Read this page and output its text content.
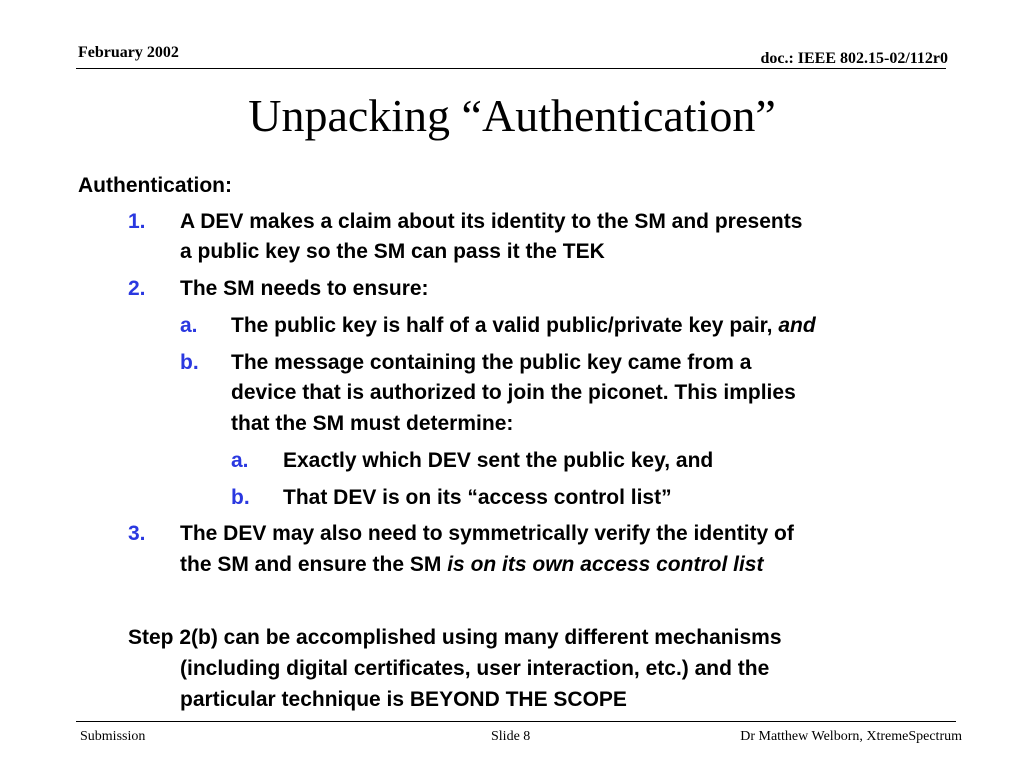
February 2002	doc.: IEEE 802.15-02/112r0
Unpacking “Authentication”
Authentication:
1. A DEV makes a claim about its identity to the SM and presents
a public key so the SM can pass it the TEK
2. The SM needs to ensure:
a. The public key is half of a valid public/private key pair, and
b. The message containing the public key came from a
device that is authorized to join the piconet. This implies
that the SM must determine:
a. Exactly which DEV sent the public key, and
b. That DEV is on its “access control list”
3. The DEV may also need to symmetrically verify the identity of
the SM and ensure the SM is on its own access control list
Step 2(b) can be accomplished using many different mechanisms
(including digital certificates, user interaction, etc.) and the
particular technique is BEYOND THE SCOPE
Submission	Slide 8	Dr Matthew Welborn, XtremeSpectrum
